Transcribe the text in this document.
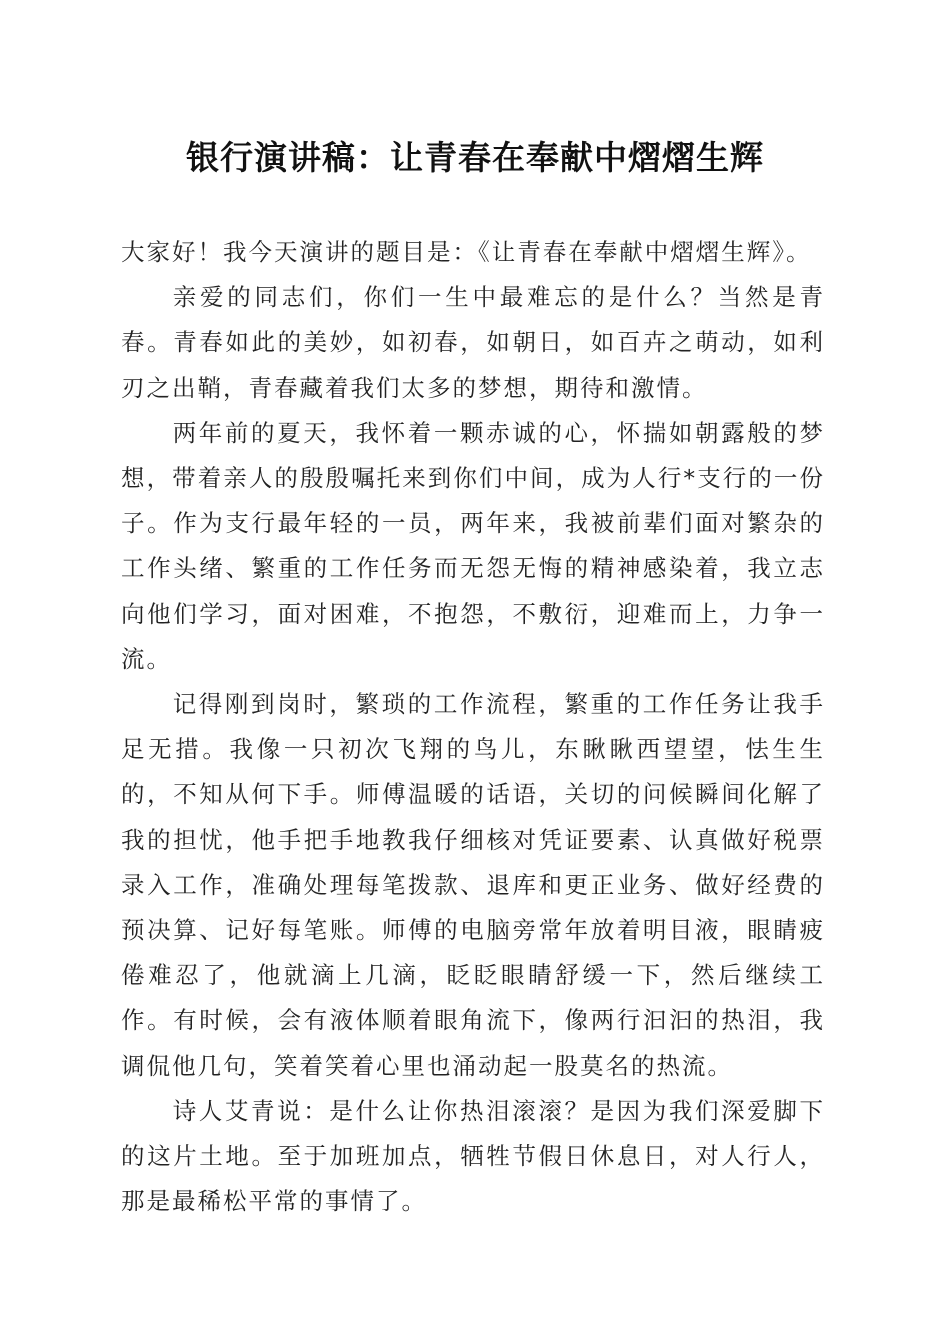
银行演讲稿：让青春在奉献中熠熠生辉

大家好！我今天演讲的题目是：《让青春在奉献中熠熠生辉》。

亲爱的同志们，你们一生中最难忘的是什么？当然是青春。青春如此的美妙，如初春，如朝日，如百卉之萌动，如利刃之出鞘，青春藏着我们太多的梦想，期待和激情。

两年前的夏天，我怀着一颗赤诚的心，怀揣如朝露般的梦想，带着亲人的殷殷嘱托来到你们中间，成为人行*支行的一份子。作为支行最年轻的一员，两年来，我被前辈们面对繁杂的工作头绪、繁重的工作任务而无怨无悔的精神感染着，我立志向他们学习，面对困难，不抱怨，不敷衍，迎难而上，力争一流。

记得刚到岗时，繁琐的工作流程，繁重的工作任务让我手足无措。我像一只初次飞翔的鸟儿，东瞅瞅西望望，怯生生的，不知从何下手。师傅温暖的话语，关切的问候瞬间化解了我的担忧，他手把手地教我仔细核对凭证要素、认真做好税票录入工作，准确处理每笔拨款、退库和更正业务、做好经费的预决算、记好每笔账。师傅的电脑旁常年放着明目液，眼睛疲倦难忍了，他就滴上几滴，眨眨眼睛舒缓一下，然后继续工作。有时候，会有液体顺着眼角流下，像两行汩汩的热泪，我调侃他几句，笑着笑着心里也涌动起一股莫名的热流。

诗人艾青说：是什么让你热泪滚滚？是因为我们深爱脚下的这片土地。至于加班加点，牺牲节假日休息日，对人行人，那是最稀松平常的事情了。
